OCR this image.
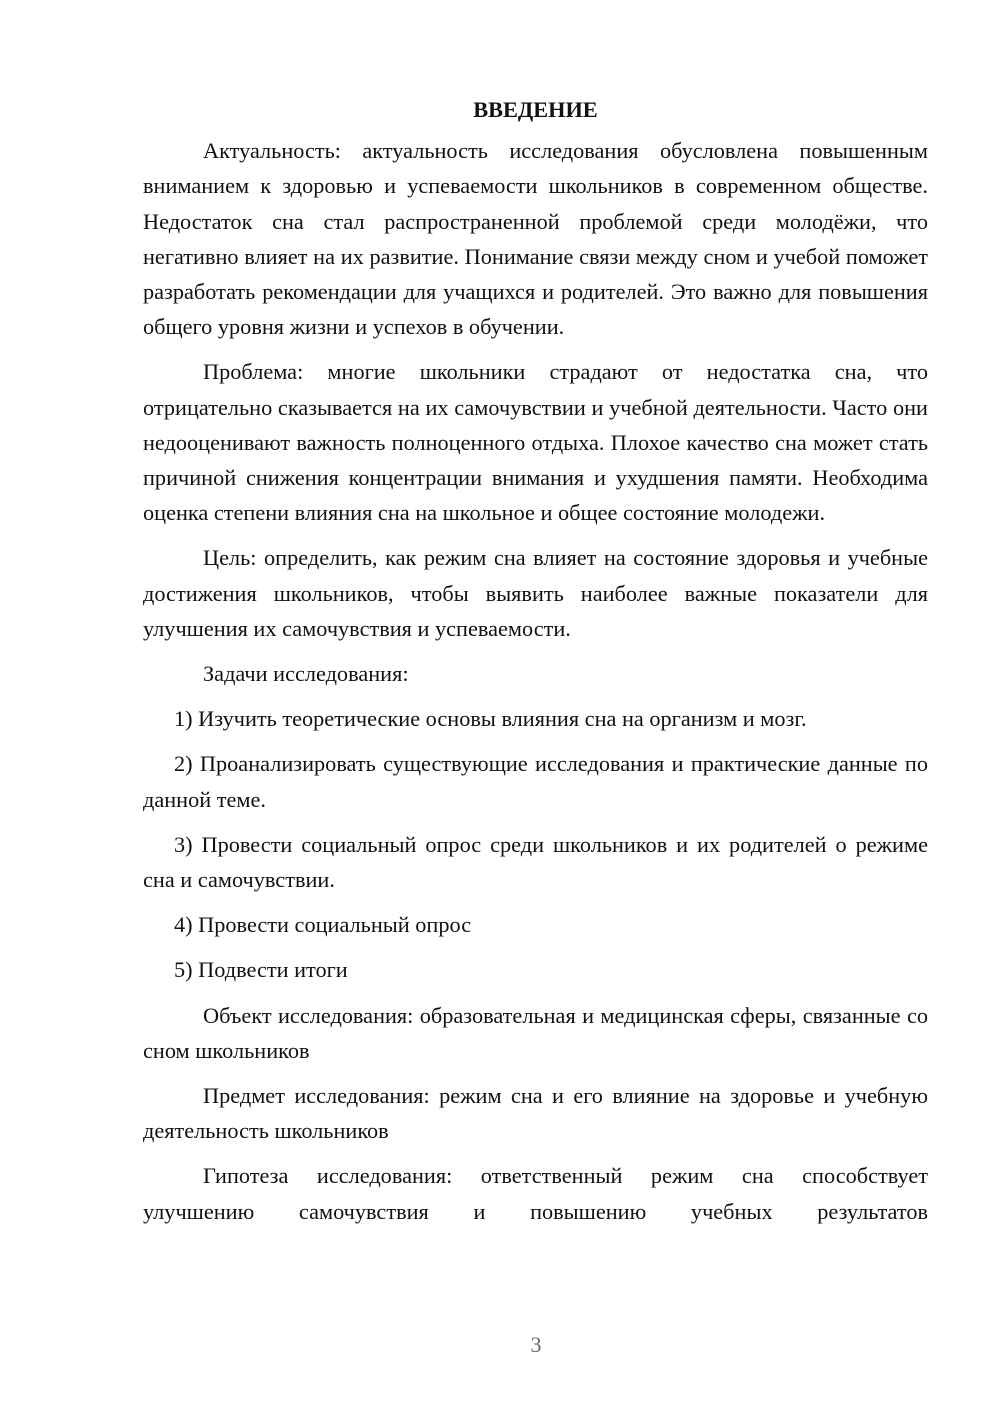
ВВЕДЕНИЕ

Актуальность: актуальность исследования обусловлена повышенным вниманием к здоровью и успеваемости школьников в современном обществе. Недостаток сна стал распространенной проблемой среди молодёжи, что негативно влияет на их развитие. Понимание связи между сном и учебой поможет разработать рекомендации для учащихся и родителей. Это важно для повышения общего уровня жизни и успехов в обучении.

Проблема: многие школьники страдают от недостатка сна, что отрицательно сказывается на их самочувствии и учебной деятельности. Часто они недооценивают важность полноценного отдыха. Плохое качество сна может стать причиной снижения концентрации внимания и ухудшения памяти. Необходима оценка степени влияния сна на школьное и общее состояние молодежи.

Цель: определить, как режим сна влияет на состояние здоровья и учебные достижения школьников, чтобы выявить наиболее важные показатели для улучшения их самочувствия и успеваемости.

Задачи исследования:

1) Изучить теоретические основы влияния сна на организм и мозг.

2) Проанализировать существующие исследования и практические данные по данной теме.

3) Провести социальный опрос среди школьников и их родителей о режиме сна и самочувствии.

4) Провести социальный опрос

5) Подвести итоги

Объект исследования: образовательная и медицинская сферы, связанные со сном школьников

Предмет исследования: режим сна и его влияние на здоровье и учебную деятельность школьников

Гипотеза исследования: ответственный режим сна способствует улучшению самочувствия и повышению учебных результатов

3
